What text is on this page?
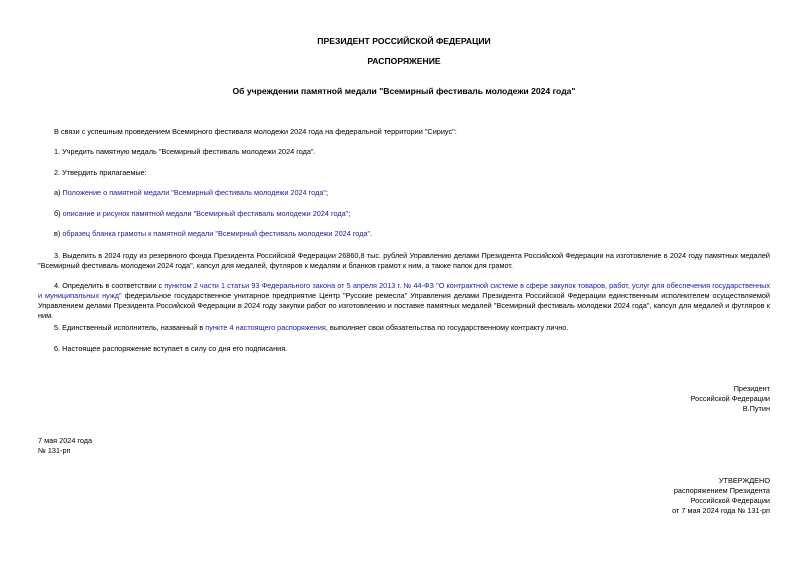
ПРЕЗИДЕНТ РОССИЙСКОЙ ФЕДЕРАЦИИ
РАСПОРЯЖЕНИЕ
Об учреждении памятной медали "Всемирный фестиваль молодежи 2024 года"
В связи с успешным проведением Всемирного фестиваля молодежи 2024 года на федеральной территории "Сириус":
1. Учредить памятную медаль "Всемирный фестиваль молодежи 2024 года".
2. Утвердить прилагаемые:
а) Положение о памятной медали "Всемирный фестиваль молодежи 2024 года";
б) описание и рисунок памятной медали "Всемирный фестиваль молодежи 2024 года";
в) образец бланка грамоты к памятной медали "Всемирный фестиваль молодежи 2024 года".
3. Выделить в 2024 году из резервного фонда Президента Российской Федерации 26860,8 тыс. рублей Управлению делами Президента Российской Федерации на изготовление в 2024 году памятных медалей "Всемирный фестиваль молодежи 2024 года", капсул для медалей, футляров к медалям и бланков грамот к ним, а также папок для грамот.
4. Определить в соответствии с пунктом 2 части 1 статьи 93 Федерального закона от 5 апреля 2013 г. № 44-ФЗ "О контрактной системе в сфере закупок товаров, работ, услуг для обеспечения государственных и муниципальных нужд" федеральное государственное унитарное предприятие Центр "Русские ремесла" Управления делами Президента Российской Федерации единственным исполнителем осуществляемой Управлением делами Президента Российской Федерации в 2024 году закупки работ по изготовлению и поставке памятных медалей "Всемирный фестиваль молодежи 2024 года", капсул для медалей и футляров к ним.
5. Единственный исполнитель, названный в пункте 4 настоящего распоряжения, выполняет свои обязательства по государственному контракту лично.
6. Настоящее распоряжение вступает в силу со дня его подписания.
Президент
Российской Федерации
В.Путин
7 мая 2024 года
№ 131-рп
УТВЕРЖДЕНО
распоряжением Президента
Российской Федерации
от 7 мая 2024 года № 131-рп
